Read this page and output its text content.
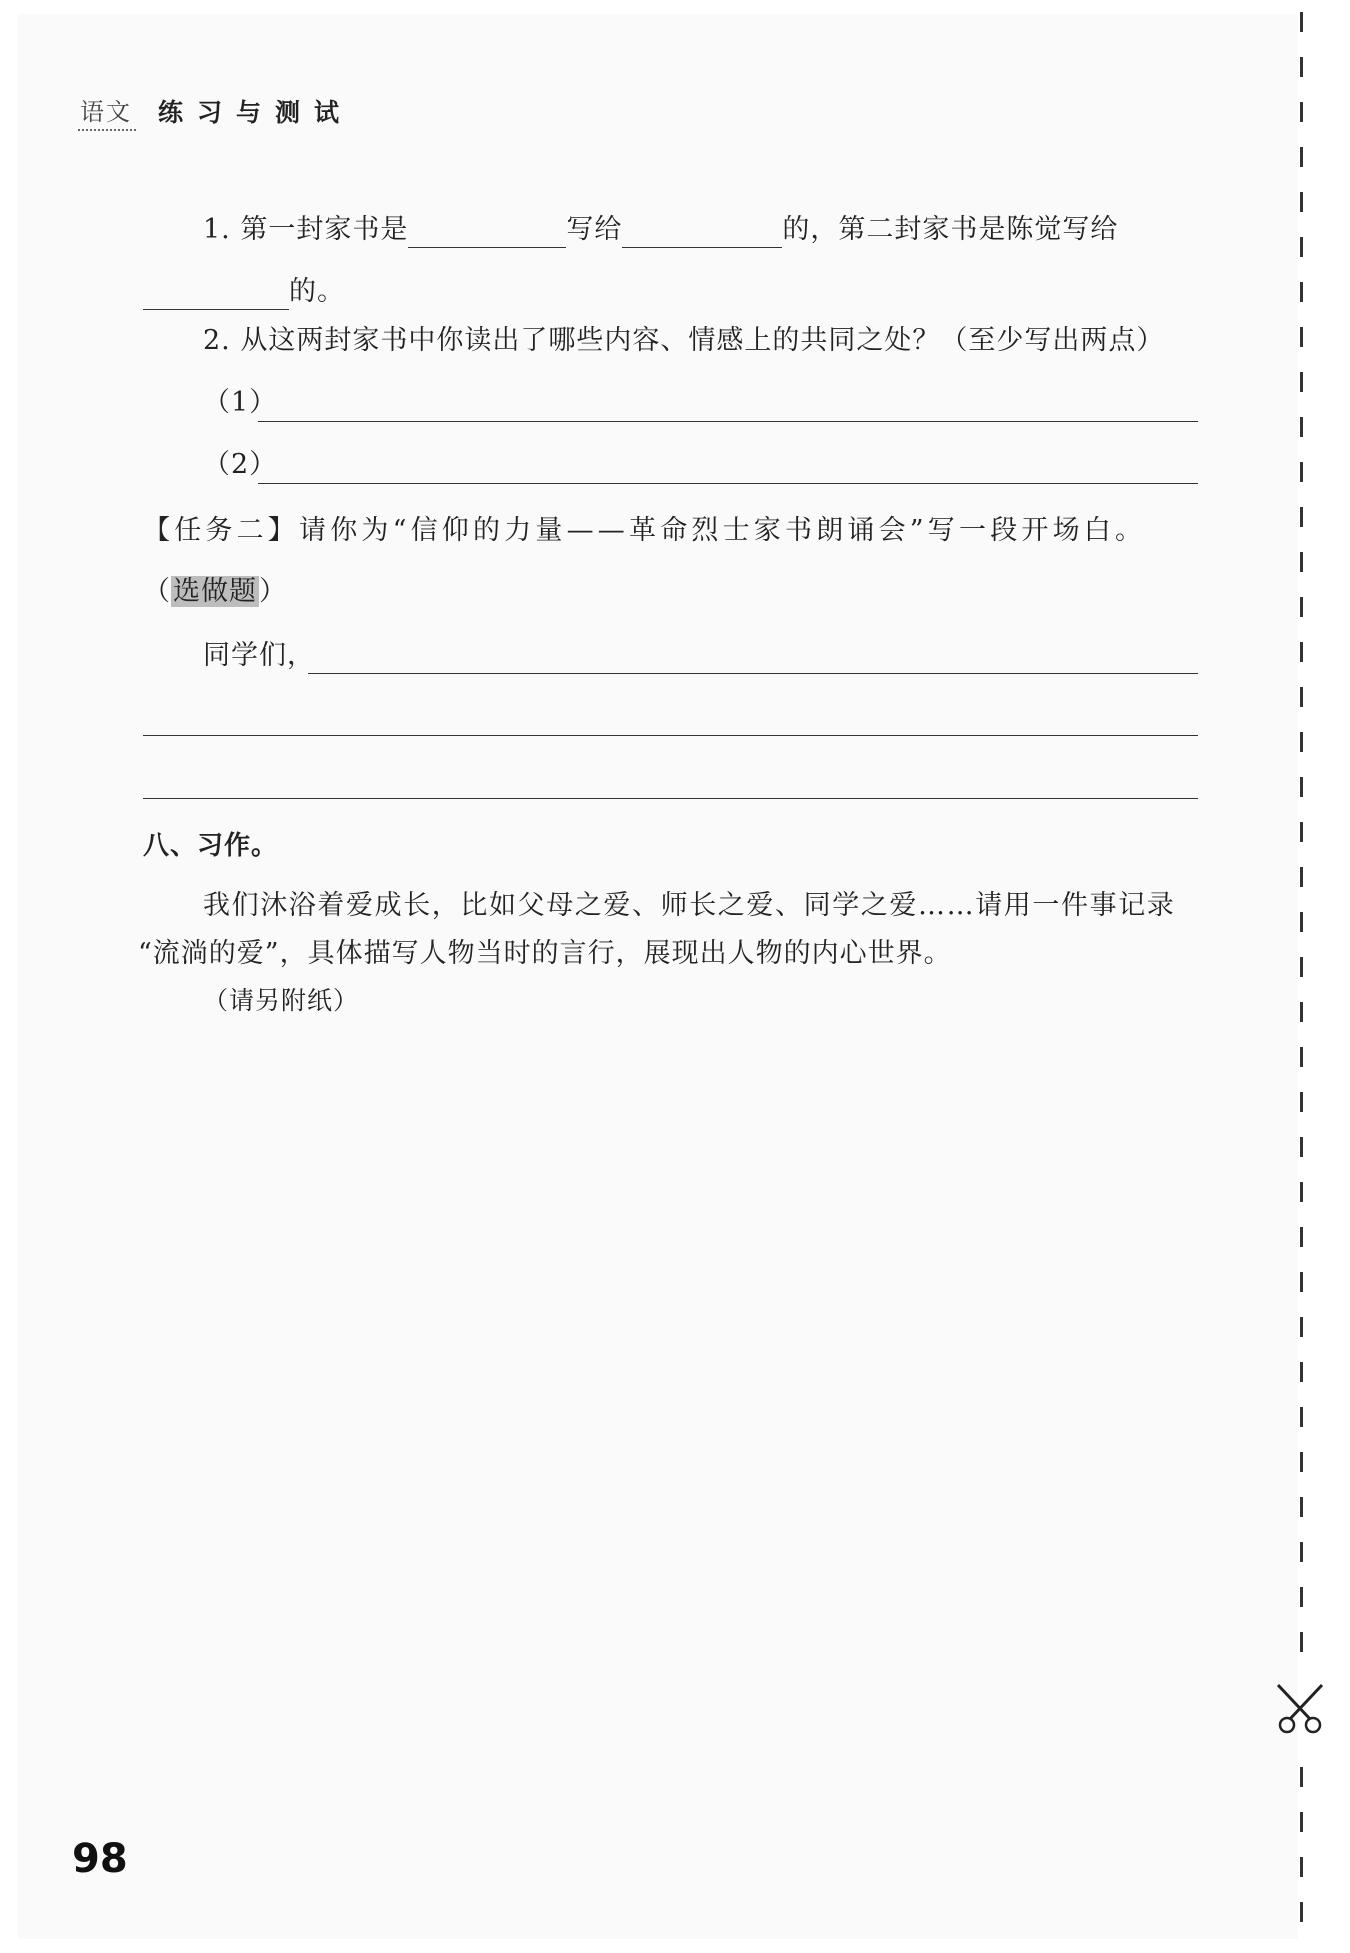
语文 练习与测试
1. 第一封家书是	写给	的，第二封家书是陈觉写给
的。
2. 从这两封家书中你读出了哪些内容、情感上的共同之处？（至少写出两点）
（1）
（2）
【任务二】请你为“信仰的力量——革命烈士家书朗诵会”写一段开场白。
（选做题）
同学们，
八、习作。
我们沐浴着爱成长，比如父母之爱、师长之爱、同学之爱……请用一件事记录
“流淌的爱”，具体描写人物当时的言行，展现出人物的内心世界。
（请另附纸）
98
